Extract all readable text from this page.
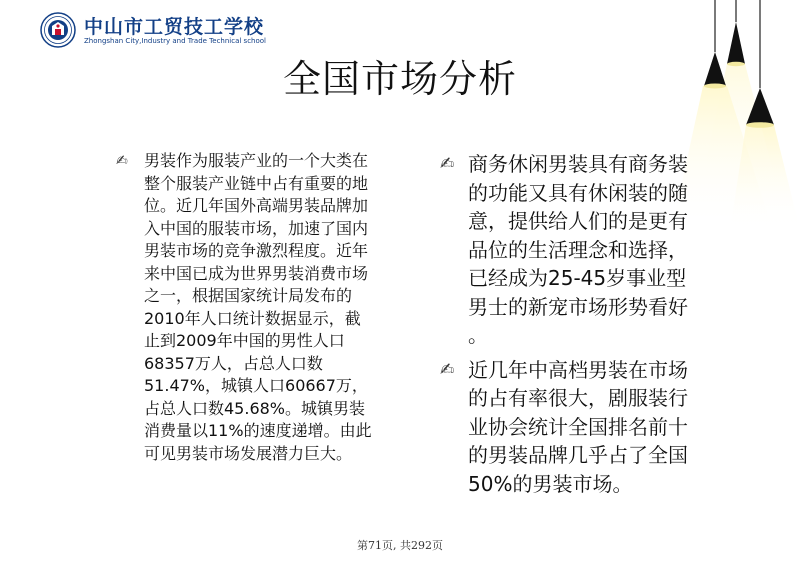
中山市工贸技工学校
Zhongshan City,Industry and Trade Technical school
全国市场分析
✍ 男装作为服装产业的一个大类在
整个服装产业链中占有重要的地
位。近几年国外高端男装品牌加
入中国的服装市场，加速了国内
男装市场的竞争激烈程度。近年
来中国已成为世界男装消费市场
之一，根据国家统计局发布的
2010年人口统计数据显示，截
止到2009年中国的男性人口
68357万人，占总人口数
51.47%，城镇人口60667万，
占总人口数45.68%。城镇男装
消费量以11%的速度递增。由此
可见男装市场发展潜力巨大。
✍ 商务休闲男装具有商务装
的功能又具有休闲装的随
意，提供给人们的是更有
品位的生活理念和选择，
已经成为25-45岁事业型
男士的新宠市场形势看好
。
✍ 近几年中高档男装在市场
的占有率很大，剧服装行
业协会统计全国排名前十
的男装品牌几乎占了全国
50%的男装市场。
第71页, 共292页
